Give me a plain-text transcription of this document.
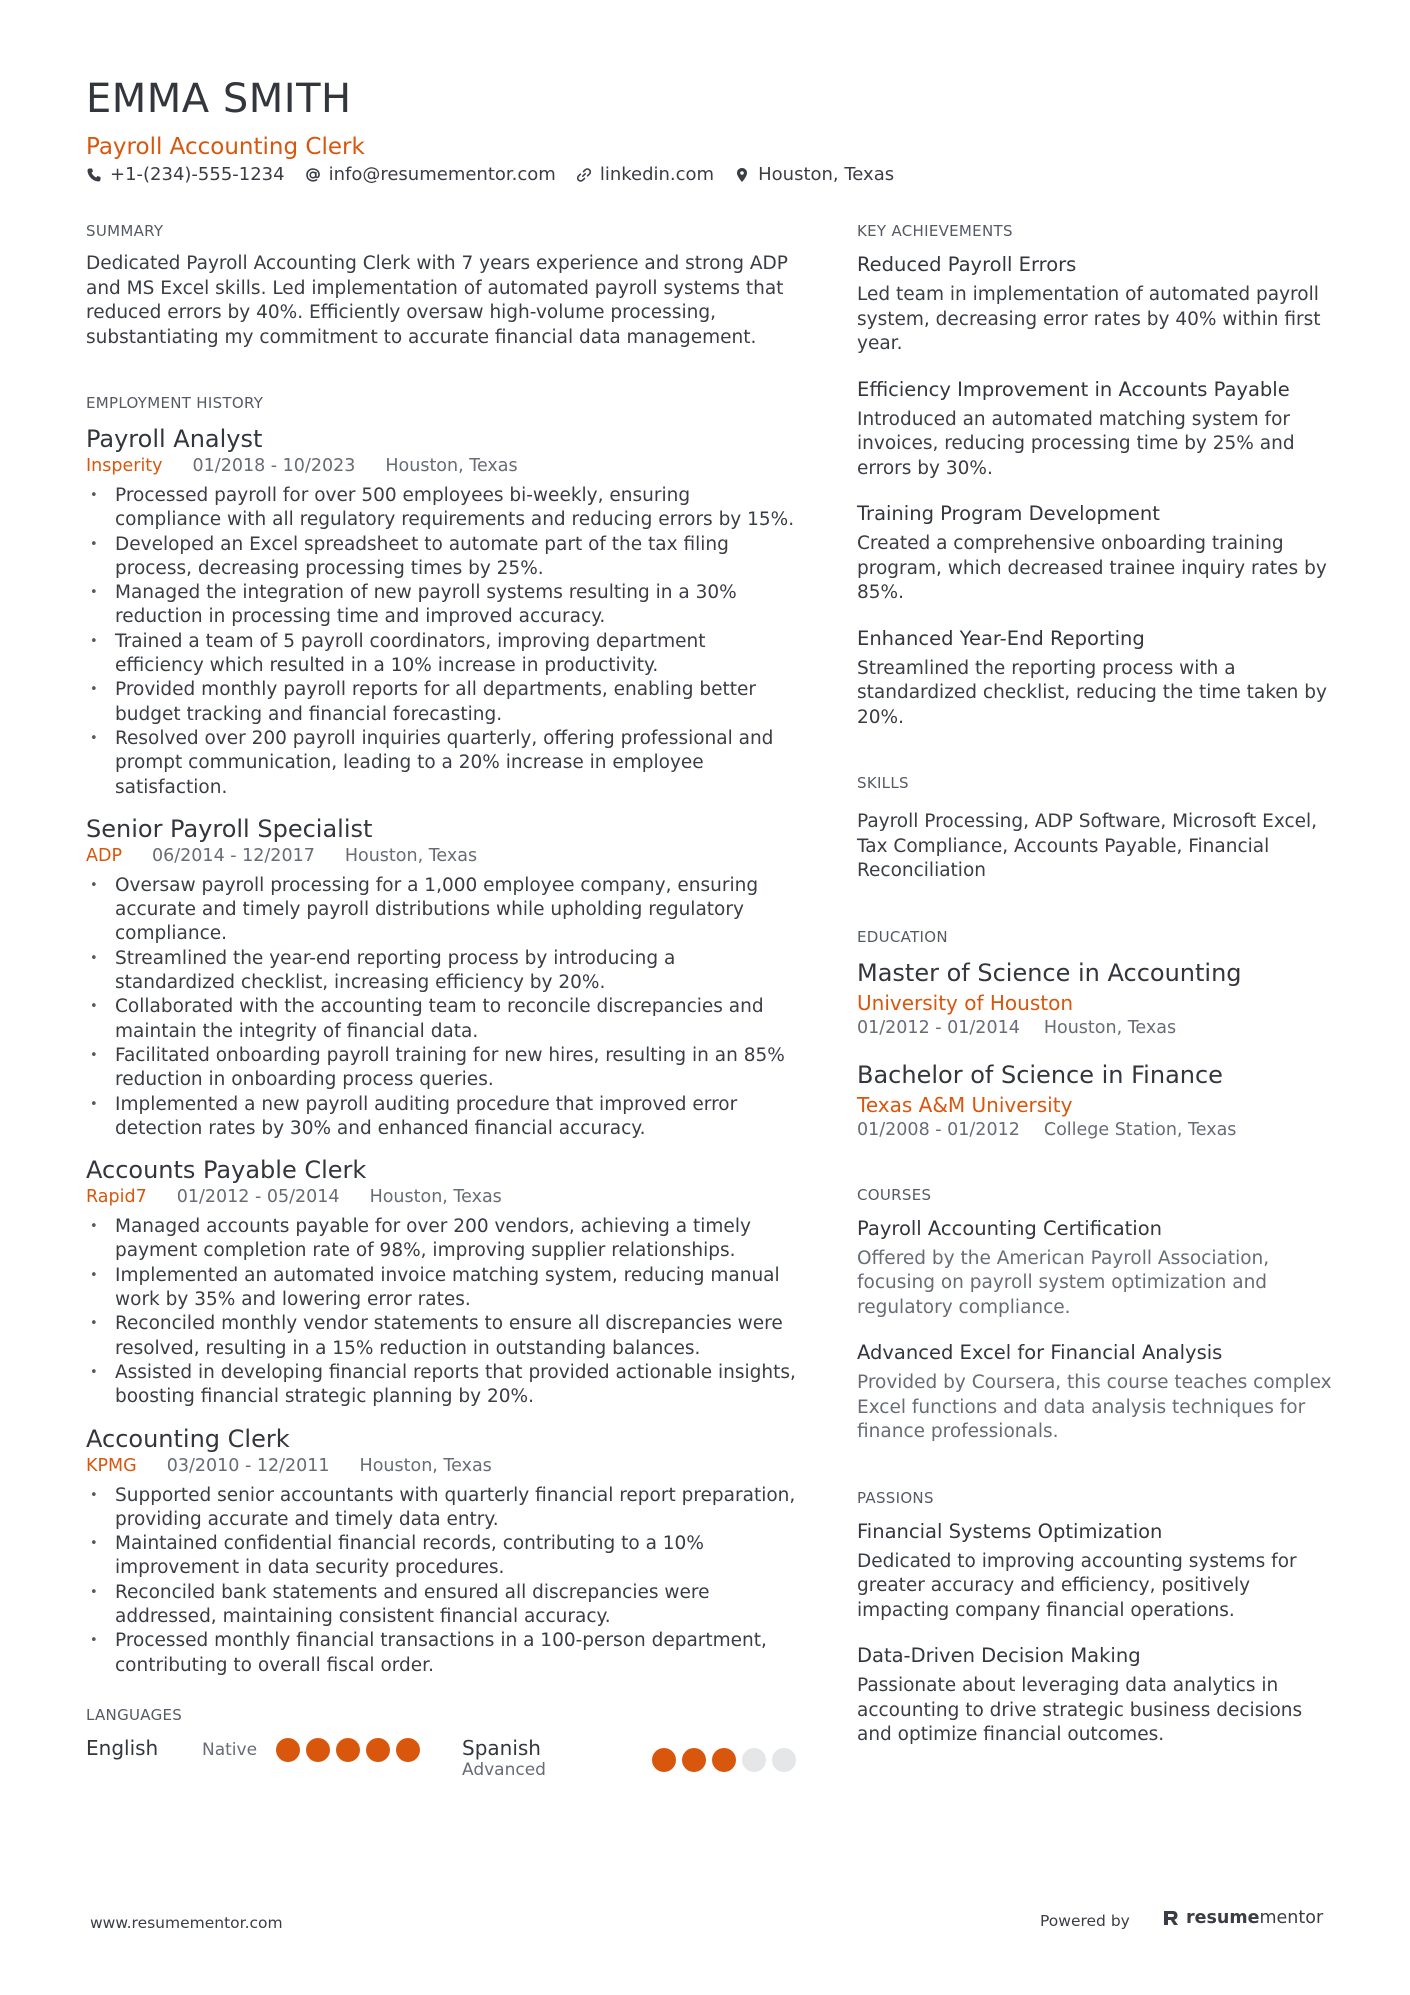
EMMA SMITH
Payroll Accounting Clerk
+1-(234)-555-1234 info@resumementor.com linkedin.com Houston, Texas
SUMMARY

Dedicated Payroll Accounting Clerk with 7 years experience and strong ADP and MS Excel skills. Led implementation of automated payroll systems that reduced errors by 40%. Efficiently oversaw high-volume processing, substantiating my commitment to accurate financial data management.

EMPLOYMENT HISTORY
Payroll Analyst
Insperity 01/2018 - 10/2023 Houston, Texas
• Processed payroll for over 500 employees bi-weekly, ensuring compliance with all regulatory requirements and reducing errors by 15%.
• Developed an Excel spreadsheet to automate part of the tax filing process, decreasing processing times by 25%.
• Managed the integration of new payroll systems resulting in a 30% reduction in processing time and improved accuracy.
• Trained a team of 5 payroll coordinators, improving department efficiency which resulted in a 10% increase in productivity.
• Provided monthly payroll reports for all departments, enabling better budget tracking and financial forecasting.
• Resolved over 200 payroll inquiries quarterly, offering professional and prompt communication, leading to a 20% increase in employee satisfaction.
Senior Payroll Specialist
ADP 06/2014 - 12/2017 Houston, Texas
• Oversaw payroll processing for a 1,000 employee company, ensuring accurate and timely payroll distributions while upholding regulatory compliance.
• Streamlined the year-end reporting process by introducing a standardized checklist, increasing efficiency by 20%.
• Collaborated with the accounting team to reconcile discrepancies and maintain the integrity of financial data.
• Facilitated onboarding payroll training for new hires, resulting in an 85% reduction in onboarding process queries.
• Implemented a new payroll auditing procedure that improved error detection rates by 30% and enhanced financial accuracy.
Accounts Payable Clerk
Rapid7 01/2012 - 05/2014 Houston, Texas
• Managed accounts payable for over 200 vendors, achieving a timely payment completion rate of 98%, improving supplier relationships.
• Implemented an automated invoice matching system, reducing manual work by 35% and lowering error rates.
• Reconciled monthly vendor statements to ensure all discrepancies were resolved, resulting in a 15% reduction in outstanding balances.
• Assisted in developing financial reports that provided actionable insights, boosting financial strategic planning by 20%.
Accounting Clerk
KPMG 03/2010 - 12/2011 Houston, Texas
• Supported senior accountants with quarterly financial report preparation, providing accurate and timely data entry.
• Maintained confidential financial records, contributing to a 10% improvement in data security procedures.
• Reconciled bank statements and ensured all discrepancies were addressed, maintaining consistent financial accuracy.
• Processed monthly financial transactions in a 100-person department, contributing to overall fiscal order.
LANGUAGES
English	Native	Spanish
Advanced
KEY ACHIEVEMENTS
Reduced Payroll Errors
Led team in implementation of automated payroll system, decreasing error rates by 40% within first year.
Efficiency Improvement in Accounts Payable
Introduced an automated matching system for invoices, reducing processing time by 25% and errors by 30%.
Training Program Development
Created a comprehensive onboarding training program, which decreased trainee inquiry rates by 85%.
Enhanced Year-End Reporting
Streamlined the reporting process with a standardized checklist, reducing the time taken by 20%.
SKILLS
Payroll Processing, ADP Software, Microsoft Excel, Tax Compliance, Accounts Payable, Financial Reconciliation
EDUCATION
Master of Science in Accounting
University of Houston
01/2012 - 01/2014 Houston, Texas
Bachelor of Science in Finance
Texas A&M University
01/2008 - 01/2012 College Station, Texas
COURSES
Payroll Accounting Certification
Offered by the American Payroll Association, focusing on payroll system optimization and regulatory compliance.
Advanced Excel for Financial Analysis
Provided by Coursera, this course teaches complex Excel functions and data analysis techniques for finance professionals.
PASSIONS
Financial Systems Optimization
Dedicated to improving accounting systems for greater accuracy and efficiency, positively impacting company financial operations.
Data-Driven Decision Making
Passionate about leveraging data analytics in accounting to drive strategic business decisions and optimize financial outcomes.
www.resumementor.com	Powered by	resumementor
